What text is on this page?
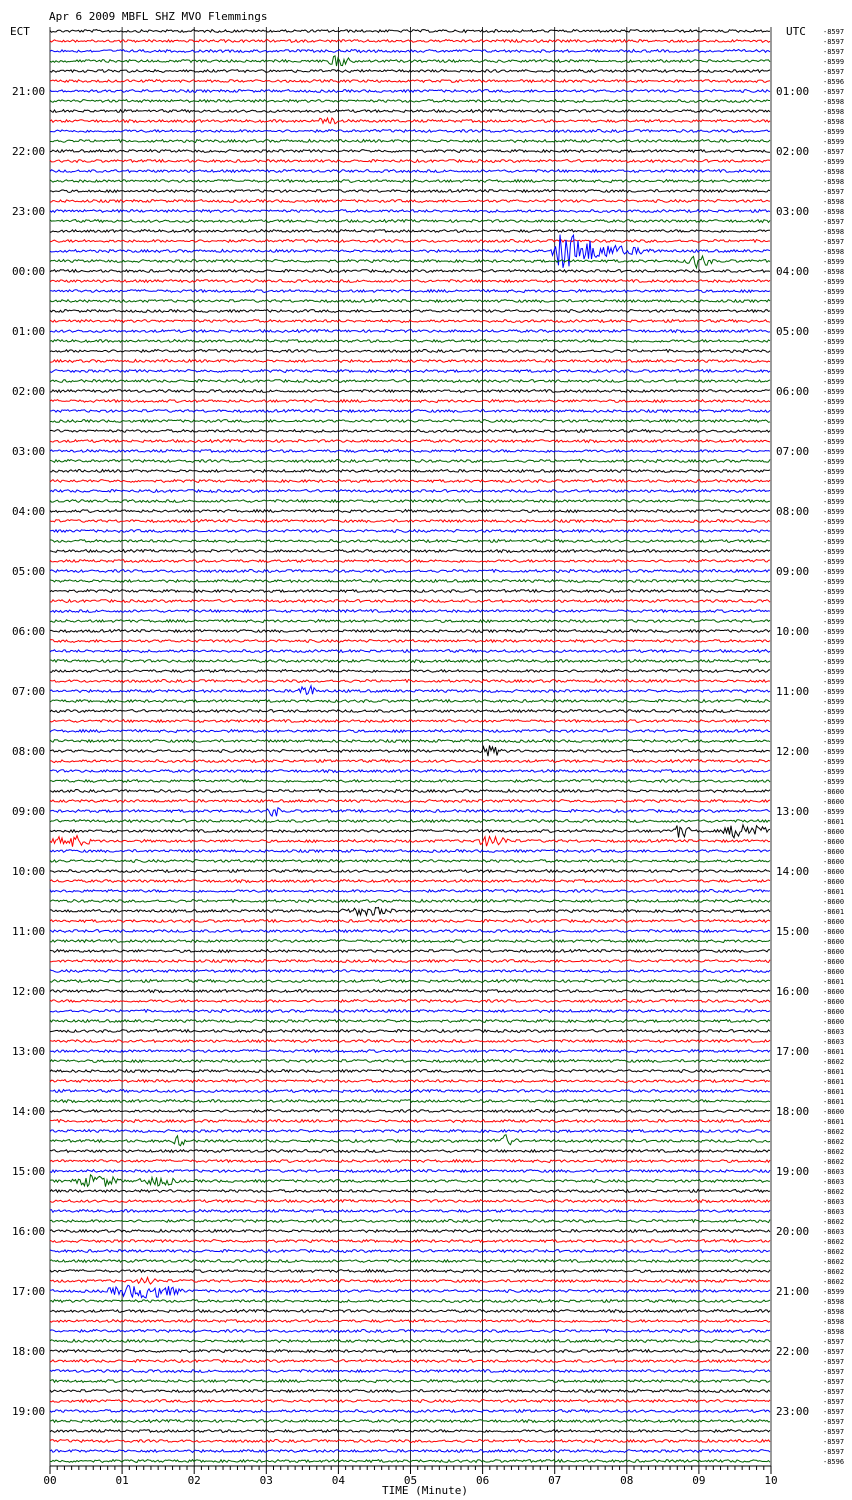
Apr 6 2009 MBFL SHZ MVO Flemmings
ECT	UTC
21:00
22:00
23:00
00:00
01:00
02:00
03:00
04:00
05:00
06:00
07:00
08:00
09:00
10:00
11:00
12:00
13:00
14:00
15:00
16:00
17:00
18:00
19:00
01:00
02:00
03:00
04:00
05:00
06:00
07:00
08:00
09:00
10:00
11:00
12:00
13:00
14:00
15:00
16:00
17:00
18:00
19:00
20:00
21:00
22:00
23:00
-8597
-8597
-8597
-8599
-8597
-8596
-8597
-8598
-8598
-8598
-8599
-8599
-8597
-8599
-8598
-8598
-8597
-8598
-8598
-8597
-8598
-8597
-8598
-8599
-8598
-8599
-8599
-8599
-8599
-8599
-8599
-8599
-8599
-8599
-8599
-8599
-8599
-8599
-8599
-8599
-8599
-8599
-8599
-8599
-8599
-8599
-8599
-8599
-8599
-8599
-8599
-8599
-8599
-8599
-8599
-8599
-8599
-8599
-8599
-8599
-8599
-8599
-8599
-8599
-8599
-8599
-8599
-8599
-8599
-8599
-8599
-8599
-8599
-8599
-8599
-8599
-8600
-8600
-8599
-8601
-8600
-8600
-8600
-8600
-8600
-8600
-8601
-8600
-8601
-8600
-8600
-8600
-8600
-8600
-8600
-8601
-8600
-8600
-8600
-8600
-8603
-8603
-8601
-8602
-8601
-8601
-8601
-8601
-8600
-8601
-8602
-8602
-8602
-8602
-8603
-8603
-8602
-8603
-8603
-8602
-8603
-8602
-8602
-8602
-8602
-8602
-8599
-8598
-8598
-8598
-8598
-8597
-8597
-8597
-8597
-8597
-8597
-8597
-8597
-8597
-8597
-8597
-8597
-8596
00	01	02	03	04	05	06	07	08	09	10
TIME (Minute)
